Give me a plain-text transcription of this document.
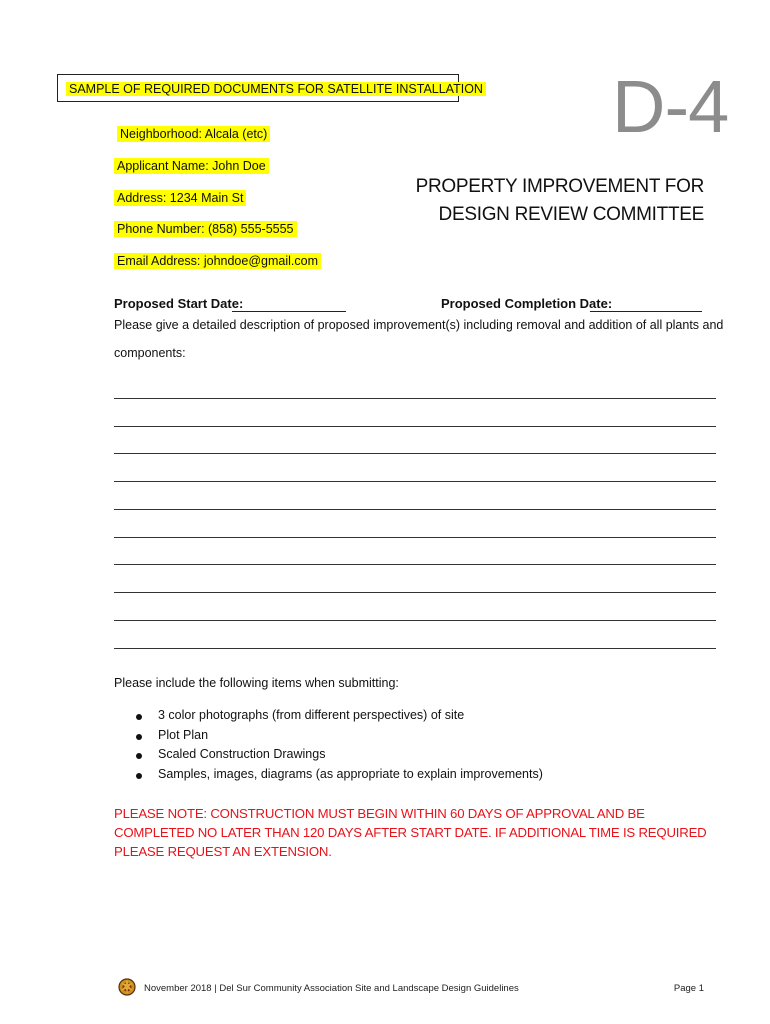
SAMPLE OF REQUIRED DOCUMENTS FOR SATELLITE INSTALLATION D-4
PROPERTY IMPROVEMENT FOR
DESIGN REVIEW COMMITTEE
Neighborhood: Alcala (etc)
Applicant Name: John Doe
Address: 1234 Main St
Phone Number: (858) 555-5555
Email Address: johndoe@gmail.com
Proposed Start Date:	Proposed Completion Date:
Please give a detailed description of proposed improvement(s) including removal and addition of all plants and
components:
Please include the following items when submitting:
3 color photographs (from different perspectives) of site
Plot Plan
Scaled Construction Drawings
Samples, images, diagrams (as appropriate to explain improvements)
PLEASE NOTE: CONSTRUCTION MUST BEGIN WITHIN 60 DAYS OF APPROVAL AND BE
COMPLETED NO LATER THAN 120 DAYS AFTER START DATE. IF ADDITIONAL TIME IS REQUIRED
PLEASE REQUEST AN EXTENSION.
November 2018 | Del Sur Community Association Site and Landscape Design Guidelines	Page 1
